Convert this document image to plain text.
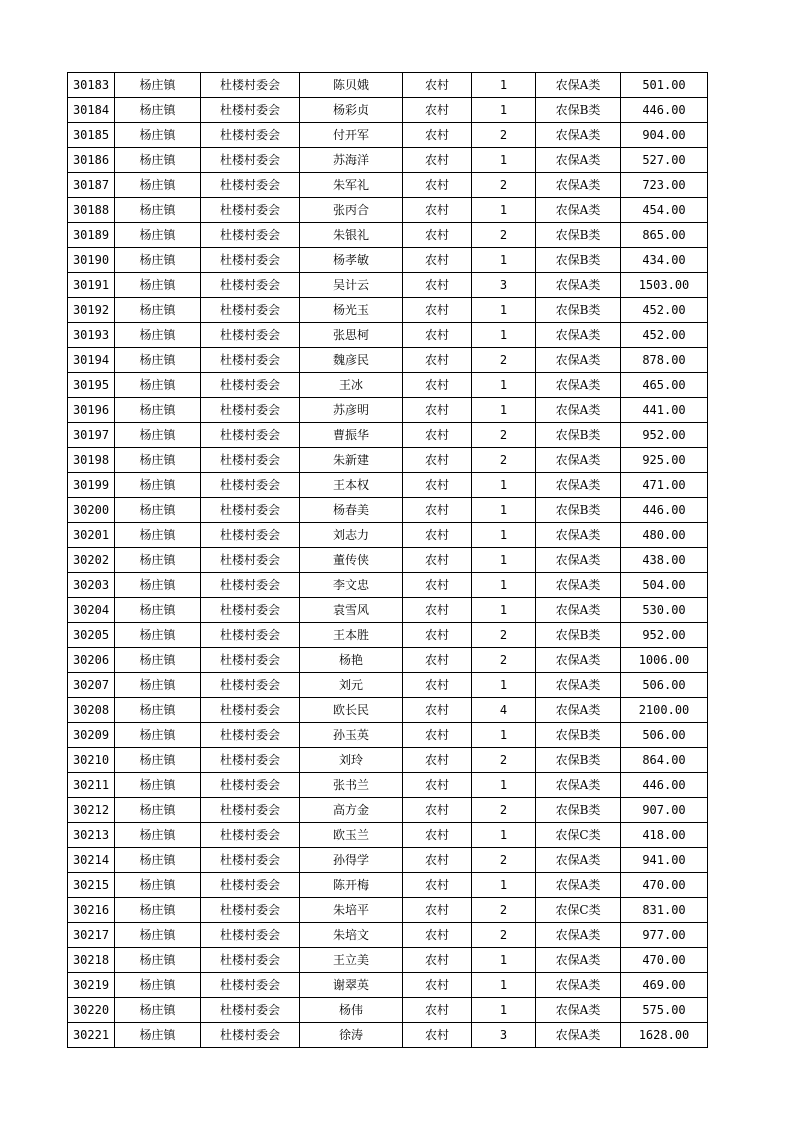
30183	杨庄镇	杜楼村委会	陈贝娥	农村	1	农保A类	501.00
30184	杨庄镇	杜楼村委会	杨彩贞	农村	1	农保B类	446.00
30185	杨庄镇	杜楼村委会	付开军	农村	2	农保A类	904.00
30186	杨庄镇	杜楼村委会	苏海洋	农村	1	农保A类	527.00
30187	杨庄镇	杜楼村委会	朱军礼	农村	2	农保A类	723.00
30188	杨庄镇	杜楼村委会	张丙合	农村	1	农保A类	454.00
30189	杨庄镇	杜楼村委会	朱银礼	农村	2	农保B类	865.00
30190	杨庄镇	杜楼村委会	杨孝敏	农村	1	农保B类	434.00
30191	杨庄镇	杜楼村委会	吴计云	农村	3	农保A类	1503.00
30192	杨庄镇	杜楼村委会	杨光玉	农村	1	农保B类	452.00
30193	杨庄镇	杜楼村委会	张思柯	农村	1	农保A类	452.00
30194	杨庄镇	杜楼村委会	魏彦民	农村	2	农保A类	878.00
30195	杨庄镇	杜楼村委会	王冰	农村	1	农保A类	465.00
30196	杨庄镇	杜楼村委会	苏彦明	农村	1	农保A类	441.00
30197	杨庄镇	杜楼村委会	曹振华	农村	2	农保B类	952.00
30198	杨庄镇	杜楼村委会	朱新建	农村	2	农保A类	925.00
30199	杨庄镇	杜楼村委会	王本权	农村	1	农保A类	471.00
30200	杨庄镇	杜楼村委会	杨春美	农村	1	农保B类	446.00
30201	杨庄镇	杜楼村委会	刘志力	农村	1	农保A类	480.00
30202	杨庄镇	杜楼村委会	董传侠	农村	1	农保A类	438.00
30203	杨庄镇	杜楼村委会	李文忠	农村	1	农保A类	504.00
30204	杨庄镇	杜楼村委会	袁雪风	农村	1	农保A类	530.00
30205	杨庄镇	杜楼村委会	王本胜	农村	2	农保B类	952.00
30206	杨庄镇	杜楼村委会	杨艳	农村	2	农保A类	1006.00
30207	杨庄镇	杜楼村委会	刘元	农村	1	农保A类	506.00
30208	杨庄镇	杜楼村委会	欧长民	农村	4	农保A类	2100.00
30209	杨庄镇	杜楼村委会	孙玉英	农村	1	农保B类	506.00
30210	杨庄镇	杜楼村委会	刘玲	农村	2	农保B类	864.00
30211	杨庄镇	杜楼村委会	张书兰	农村	1	农保A类	446.00
30212	杨庄镇	杜楼村委会	高方金	农村	2	农保B类	907.00
30213	杨庄镇	杜楼村委会	欧玉兰	农村	1	农保C类	418.00
30214	杨庄镇	杜楼村委会	孙得学	农村	2	农保A类	941.00
30215	杨庄镇	杜楼村委会	陈开梅	农村	1	农保A类	470.00
30216	杨庄镇	杜楼村委会	朱培平	农村	2	农保C类	831.00
30217	杨庄镇	杜楼村委会	朱培文	农村	2	农保A类	977.00
30218	杨庄镇	杜楼村委会	王立美	农村	1	农保A类	470.00
30219	杨庄镇	杜楼村委会	谢翠英	农村	1	农保A类	469.00
30220	杨庄镇	杜楼村委会	杨伟	农村	1	农保A类	575.00
30221	杨庄镇	杜楼村委会	徐涛	农村	3	农保A类	1628.00
